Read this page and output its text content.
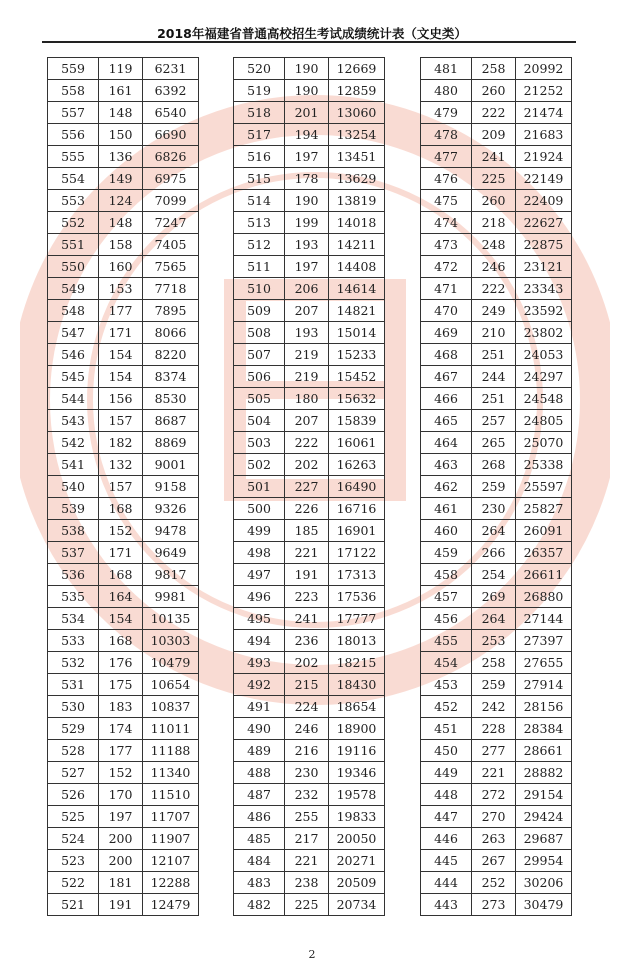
2018年福建省普通高校招生考试成绩统计表（文史类）
559	119	6231
558	161	6392
557	148	6540
556	150	6690
555	136	6826
554	149	6975
553	124	7099
552	148	7247
551	158	7405
550	160	7565
549	153	7718
548	177	7895
547	171	8066
546	154	8220
545	154	8374
544	156	8530
543	157	8687
542	182	8869
541	132	9001
540	157	9158
539	168	9326
538	152	9478
537	171	9649
536	168	9817
535	164	9981
534	154	10135
533	168	10303
532	176	10479
531	175	10654
530	183	10837
529	174	11011
528	177	11188
527	152	11340
526	170	11510
525	197	11707
524	200	11907
523	200	12107
522	181	12288
521	191	12479
520	190	12669
519	190	12859
518	201	13060
517	194	13254
516	197	13451
515	178	13629
514	190	13819
513	199	14018
512	193	14211
511	197	14408
510	206	14614
509	207	14821
508	193	15014
507	219	15233
506	219	15452
505	180	15632
504	207	15839
503	222	16061
502	202	16263
501	227	16490
500	226	16716
499	185	16901
498	221	17122
497	191	17313
496	223	17536
495	241	17777
494	236	18013
493	202	18215
492	215	18430
491	224	18654
490	246	18900
489	216	19116
488	230	19346
487	232	19578
486	255	19833
485	217	20050
484	221	20271
483	238	20509
482	225	20734
481	258	20992
480	260	21252
479	222	21474
478	209	21683
477	241	21924
476	225	22149
475	260	22409
474	218	22627
473	248	22875
472	246	23121
471	222	23343
470	249	23592
469	210	23802
468	251	24053
467	244	24297
466	251	24548
465	257	24805
464	265	25070
463	268	25338
462	259	25597
461	230	25827
460	264	26091
459	266	26357
458	254	26611
457	269	26880
456	264	27144
455	253	27397
454	258	27655
453	259	27914
452	242	28156
451	228	28384
450	277	28661
449	221	28882
448	272	29154
447	270	29424
446	263	29687
445	267	29954
444	252	30206
443	273	30479
2
